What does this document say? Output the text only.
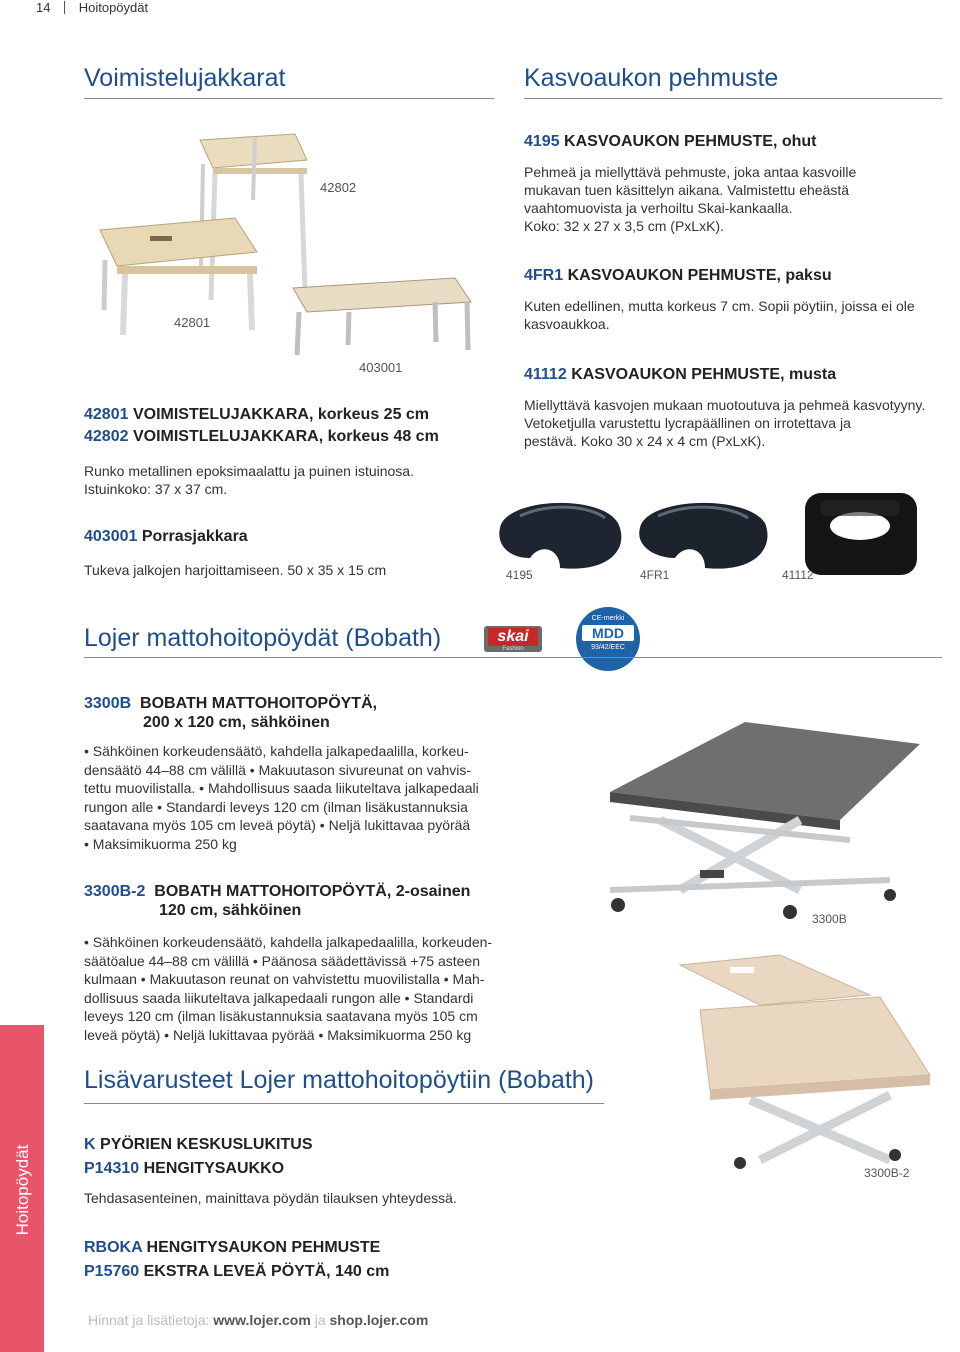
14 Hoitopöydät
Voimistelujakkarat
42802
42801
403001
42801 VOIMISTELUJAKKARA, korkeus 25 cm
42802 VOIMISTLELUJAKKARA, korkeus 48 cm
Runko metallinen epoksimaalattu ja puinen istuinosa.
Istuinkoko: 37 x 37 cm.
403001 Porrasjakkara
Tukeva jalkojen harjoittamiseen. 50 x 35 x 15 cm
Kasvoaukon pehmuste
4195 KASVOAUKON PEHMUSTE, ohut
Pehmeä ja miellyttävä pehmuste, joka antaa kasvoille
mukavan tuen käsittelyn aikana. Valmistettu eheästä
vaahtomuovista ja verhoiltu Skai-kankaalla.
Koko: 32 x 27 x 3,5 cm (PxLxK).
4FR1 KASVOAUKON PEHMUSTE, paksu
Kuten edellinen, mutta korkeus 7 cm. Sopii pöytiin, joissa ei ole
kasvoaukkoa.
41112 KASVOAUKON PEHMUSTE, musta
Miellyttävä kasvojen mukaan muotoutuva ja pehmeä kasvotyyny.
Vetoketjulla varustettu lycrapäällinen on irrotettava ja
pestävä. Koko 30 x 24 x 4 cm (PxLxK).
4195	4FR1	41112
Lojer mattohoitopöydät (Bobath)	skai
Fashion
CE-merkki
MDD
93/42/EEC
3300B BOBATH MATTOHOITOPÖYTÄ,
200 x 120 cm, sähköinen
• Sähköinen korkeudensäätö, kahdella jalkapedaalilla, korkeu-
densäätö 44–88 cm välillä • Makuutason sivureunat on vahvis-
tettu muovilistalla. • Mahdollisuus saada liikuteltava jalkapedaali
rungon alle • Standardi leveys 120 cm (ilman lisäkustannuksia
saatavana myös 105 cm leveä pöytä) • Neljä lukittavaa pyörää
• Maksimikuorma 250 kg
3300B-2 BOBATH MATTOHOITOPÖYTÄ, 2-osainen
120 cm, sähköinen
• Sähköinen korkeudensäätö, kahdella jalkapedaalilla, korkeuden-
säätöalue 44–88 cm välillä • Päänosa säädettävissä +75 asteen
kulmaan • Makuutason reunat on vahvistettu muovilistalla • Mah-
dollisuus saada liikuteltava jalkapedaali rungon alle • Standardi
leveys 120 cm (ilman lisäkustannuksia saatavana myös 105 cm
leveä pöytä) • Neljä lukittavaa pyörää • Maksimikuorma 250 kg
3300B
3300B-2
Lisävarusteet Lojer mattohoitopöytiin (Bobath)
K PYÖRIEN KESKUSLUKITUS
P14310 HENGITYSAUKKO
Tehdasasenteinen, mainittava pöydän tilauksen yhteydessä.
RBOKA HENGITYSAUKON PEHMUSTE
P15760 EKSTRA LEVEÄ PÖYTÄ, 140 cm
Hinnat ja lisätietoja: www.lojer.com ja shop.lojer.com
Hoitopöydät
